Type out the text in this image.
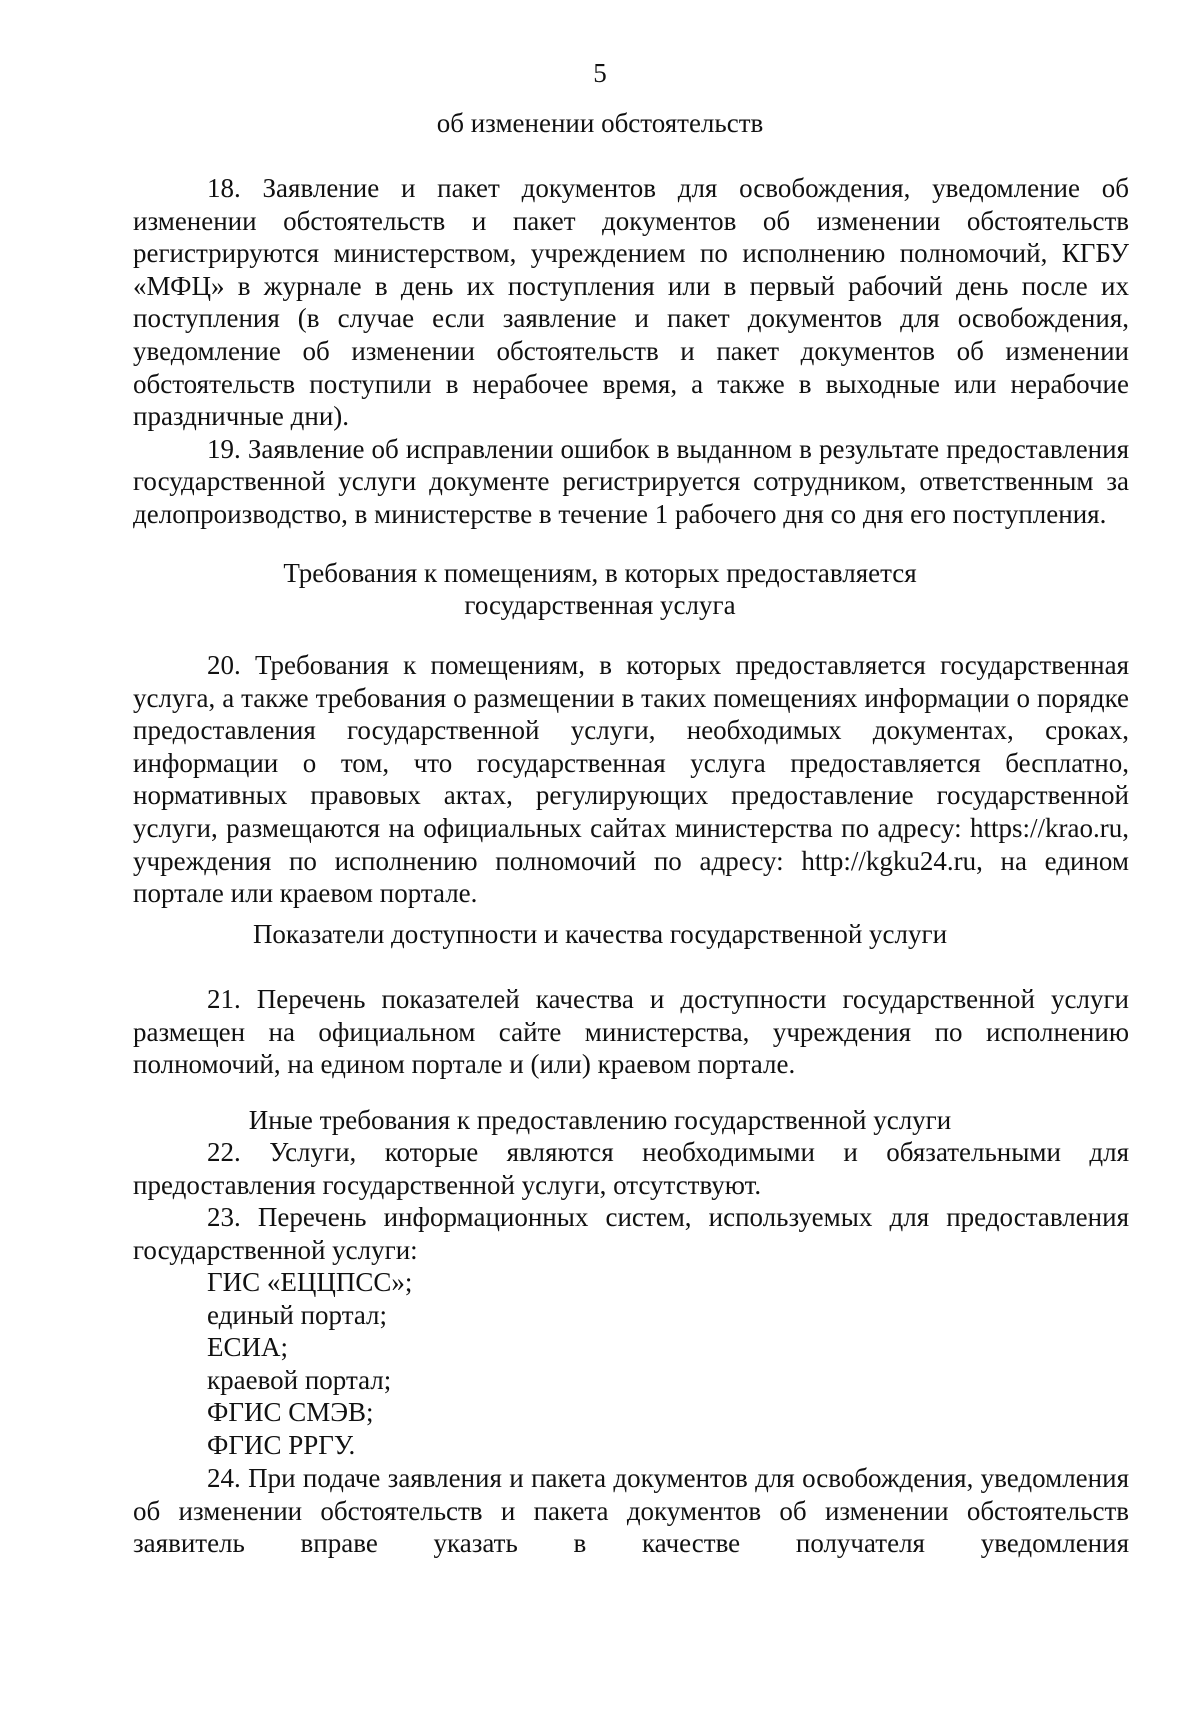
5
об изменении обстоятельств

18. Заявление и пакет документов для освобождения, уведомление об изменении обстоятельств и пакет документов об изменении обстоятельств регистрируются министерством, учреждением по исполнению полномочий, КГБУ «МФЦ» в журнале в день их поступления или в первый рабочий день после их поступления (в случае если заявление и пакет документов для освобождения, уведомление об изменении обстоятельств и пакет документов об изменении обстоятельств поступили в нерабочее время, а также в выходные или нерабочие праздничные дни).

19. Заявление об исправлении ошибок в выданном в результате предоставления государственной услуги документе регистрируется сотрудником, ответственным за делопроизводство, в министерстве в течение 1 рабочего дня со дня его поступления.

Требования к помещениям, в которых предоставляется
государственная услуга

20. Требования к помещениям, в которых предоставляется государственная услуга, а также требования о размещении в таких помещениях информации о порядке предоставления государственной услуги, необходимых документах, сроках, информации о том, что государственная услуга предоставляется бесплатно, нормативных правовых актах, регулирующих предоставление государственной услуги, размещаются на официальных сайтах министерства по адресу: https://krao.ru, учреждения по исполнению полномочий по адресу: http://kgku24.ru, на едином портале или краевом портале.

Показатели доступности и качества государственной услуги

21. Перечень показателей качества и доступности государственной услуги размещен на официальном сайте министерства, учреждения по исполнению полномочий, на едином портале и (или) краевом портале.

Иные требования к предоставлению государственной услуги

22. Услуги, которые являются необходимыми и обязательными для предоставления государственной услуги, отсутствуют.

23. Перечень информационных систем, используемых для предоставления государственной услуги:

ГИС «ЕЦЦПСС»;
единый портал;
ЕСИА;
краевой портал;
ФГИС СМЭВ;
ФГИС РРГУ.

24. При подаче заявления и пакета документов для освобождения, уведомления об изменении обстоятельств и пакета документов об изменении обстоятельств заявитель вправе указать в качестве получателя уведомления
